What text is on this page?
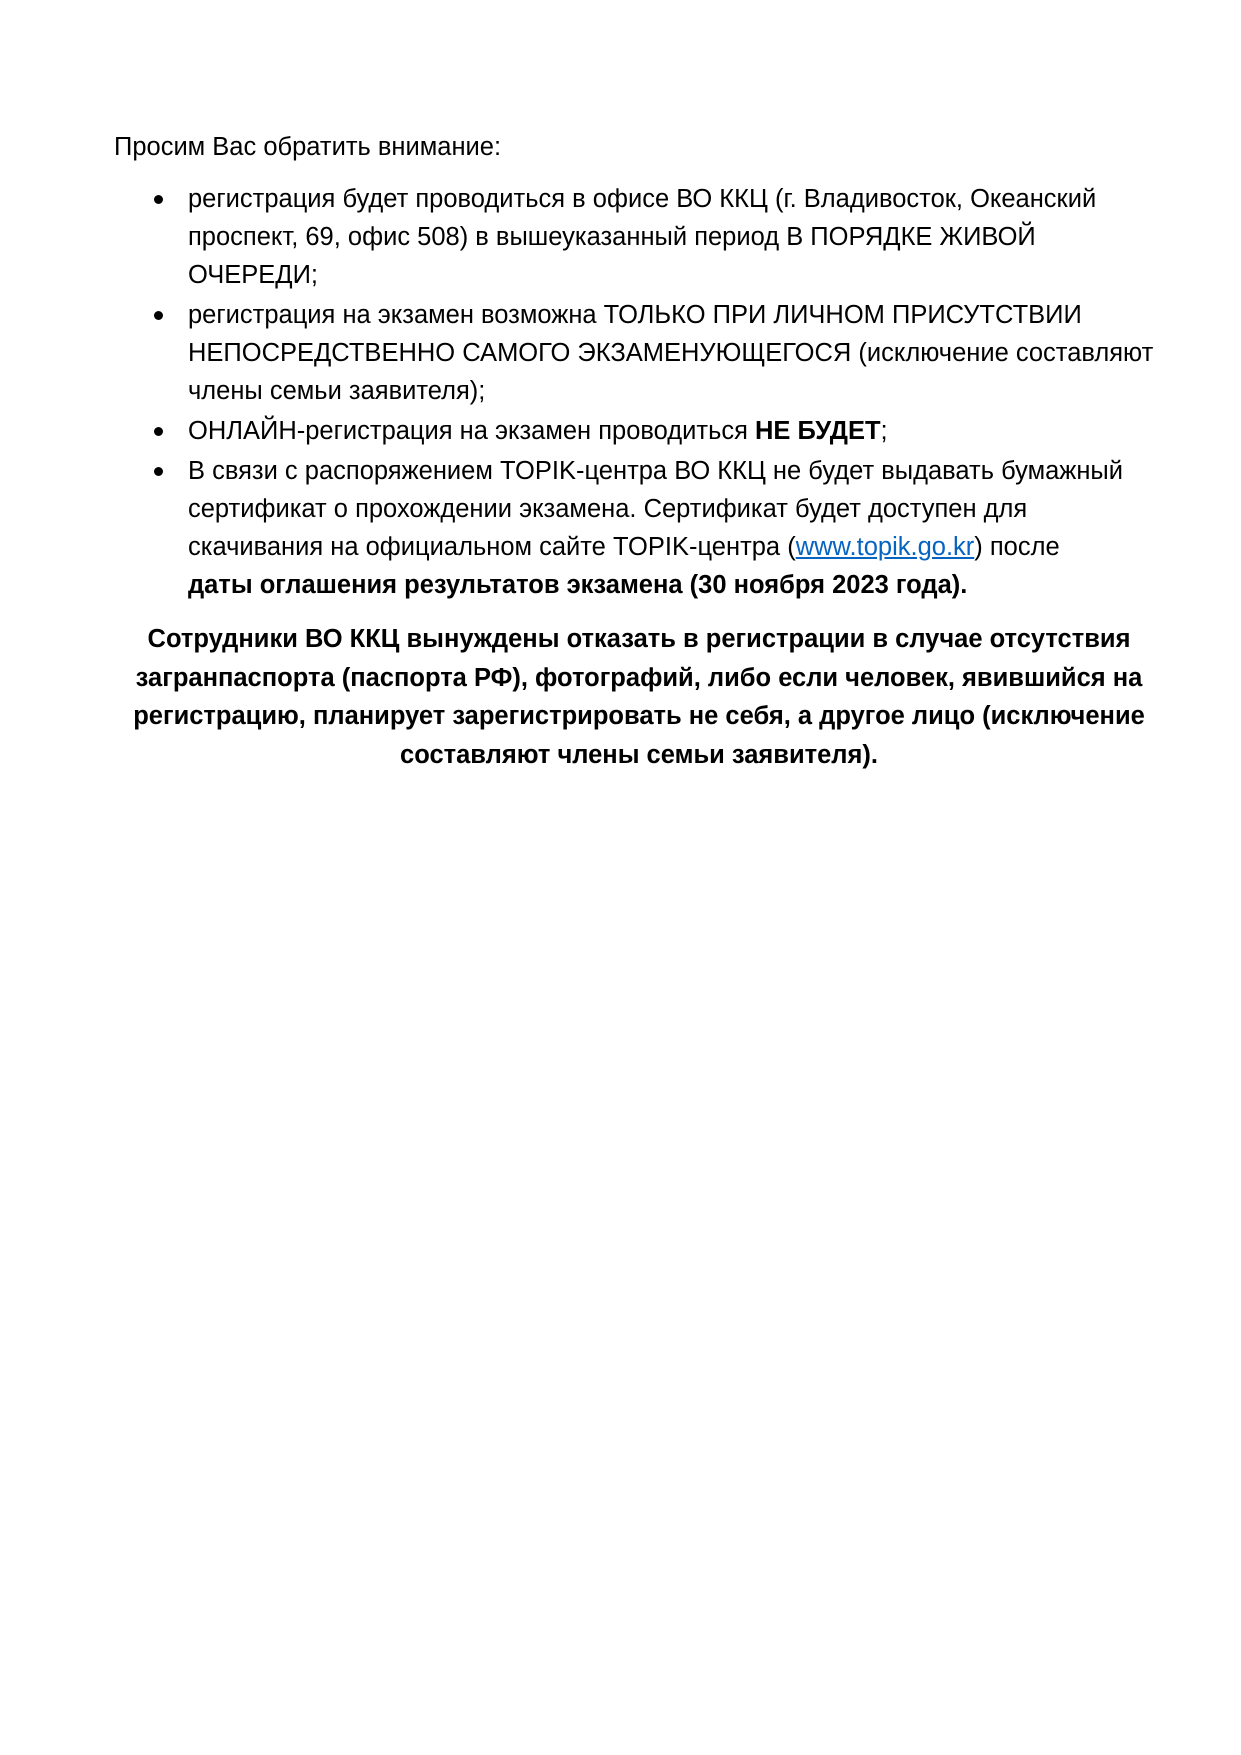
Просим Вас обратить внимание:

регистрация будет проводиться в офисе ВО ККЦ (г. Владивосток, Океанский проспект, 69, офис 508) в вышеуказанный период В ПОРЯДКЕ ЖИВОЙ ОЧЕРЕДИ;
регистрация на экзамен возможна ТОЛЬКО ПРИ ЛИЧНОМ ПРИСУТСТВИИ НЕПОСРЕДСТВЕННО САМОГО ЭКЗАМЕНУЮЩЕГОСЯ (исключение составляют члены семьи заявителя);
ОНЛАЙН-регистрация на экзамен проводиться НЕ БУДЕТ;
В связи с распоряжением TOPIK-центра ВО ККЦ не будет выдавать бумажный сертификат о прохождении экзамена. Сертификат будет доступен для скачивания на официальном сайте TOPIK-центра (www.topik.go.kr) после
даты оглашения результатов экзамена (30 ноября 2023 года).

Сотрудники ВО ККЦ вынуждены отказать в регистрации в случае отсутствия загранпаспорта (паспорта РФ), фотографий, либо если человек, явившийся на регистрацию, планирует зарегистрировать не себя, а другое лицо (исключение составляют члены семьи заявителя).
